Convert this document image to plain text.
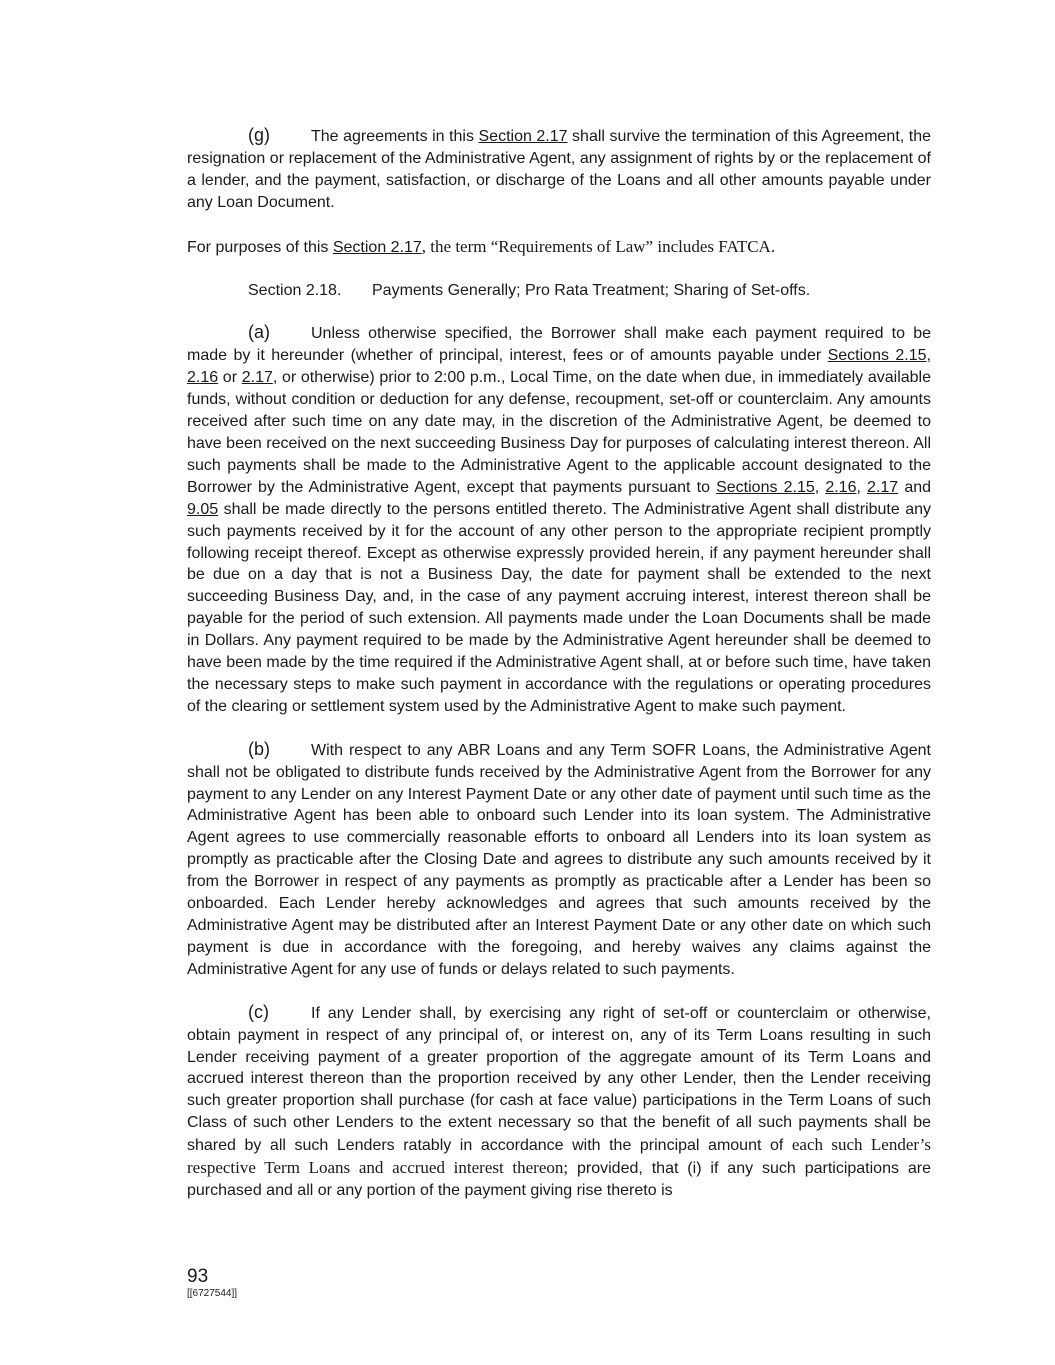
(g)	The agreements in this Section 2.17 shall survive the termination of this Agreement, the resignation or replacement of the Administrative Agent, any assignment of rights by or the replacement of a lender, and the payment, satisfaction, or discharge of the Loans and all other amounts payable under any Loan Document.

For purposes of this Section 2.17, the term “Requirements of Law” includes FATCA.

Section 2.18. Payments Generally; Pro Rata Treatment; Sharing of Set-offs.

(a)	Unless otherwise specified, the Borrower shall make each payment required to be made by it hereunder (whether of principal, interest, fees or of amounts payable under Sections 2.15, 2.16 or 2.17, or otherwise) prior to 2:00 p.m., Local Time, on the date when due, in immediately available funds, without condition or deduction for any defense, recoupment, set-off or counterclaim. Any amounts received after such time on any date may, in the discretion of the Administrative Agent, be deemed to have been received on the next succeeding Business Day for purposes of calculating interest thereon. All such payments shall be made to the Administrative Agent to the applicable account designated to the Borrower by the Administrative Agent, except that payments pursuant to Sections 2.15, 2.16, 2.17 and 9.05 shall be made directly to the persons entitled thereto. The Administrative Agent shall distribute any such payments received by it for the account of any other person to the appropriate recipient promptly following receipt thereof. Except as otherwise expressly provided herein, if any payment hereunder shall be due on a day that is not a Business Day, the date for payment shall be extended to the next succeeding Business Day, and, in the case of any payment accruing interest, interest thereon shall be payable for the period of such extension. All payments made under the Loan Documents shall be made in Dollars. Any payment required to be made by the Administrative Agent hereunder shall be deemed to have been made by the time required if the Administrative Agent shall, at or before such time, have taken the necessary steps to make such payment in accordance with the regulations or operating procedures of the clearing or settlement system used by the Administrative Agent to make such payment.

(b)	With respect to any ABR Loans and any Term SOFR Loans, the Administrative Agent shall not be obligated to distribute funds received by the Administrative Agent from the Borrower for any payment to any Lender on any Interest Payment Date or any other date of payment until such time as the Administrative Agent has been able to onboard such Lender into its loan system. The Administrative Agent agrees to use commercially reasonable efforts to onboard all Lenders into its loan system as promptly as practicable after the Closing Date and agrees to distribute any such amounts received by it from the Borrower in respect of any payments as promptly as practicable after a Lender has been so onboarded. Each Lender hereby acknowledges and agrees that such amounts received by the Administrative Agent may be distributed after an Interest Payment Date or any other date on which such payment is due in accordance with the foregoing, and hereby waives any claims against the Administrative Agent for any use of funds or delays related to such payments.

(c)	If any Lender shall, by exercising any right of set-off or counterclaim or otherwise, obtain payment in respect of any principal of, or interest on, any of its Term Loans resulting in such Lender receiving payment of a greater proportion of the aggregate amount of its Term Loans and accrued interest thereon than the proportion received by any other Lender, then the Lender receiving such greater proportion shall purchase (for cash at face value) participations in the Term Loans of such Class of such other Lenders to the extent necessary so that the benefit of all such payments shall be shared by all such Lenders ratably in accordance with the principal amount of each such Lender’s respective Term Loans and accrued interest thereon; provided, that (i) if any such participations are purchased and all or any portion of the payment giving rise thereto is

93
[[6727544]]
